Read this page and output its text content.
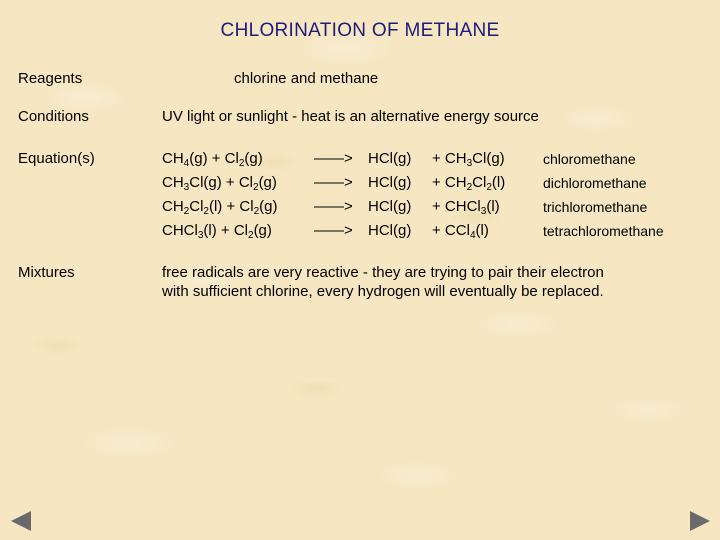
CHLORINATION OF METHANE
Reagents	chlorine and methane
Conditions	UV light or sunlight - heat is an alternative energy source
Equation(s)	$CH_4(g) + Cl_2(g)$	——> $HCl(g) + CH_3Cl(g)$	chloromethane
$CH_3Cl(g) + Cl_2(g)$ ——> $HCl(g) + CH_2Cl_2(l)$	dichloromethane
$CH_2Cl_2(l) + Cl_2(g)$ ——> HCl(g) + CHCl$_3$(l)	trichloromethane
CHCl$_3$(l) + $Cl_2(g)$	——> HCl(g) + CCl$_4$(l)	tetrachloromethane
Mixtures	free radicals are very reactive - they are trying to pair their electron
with sufficient chlorine, every hydrogen will eventually be replaced.
